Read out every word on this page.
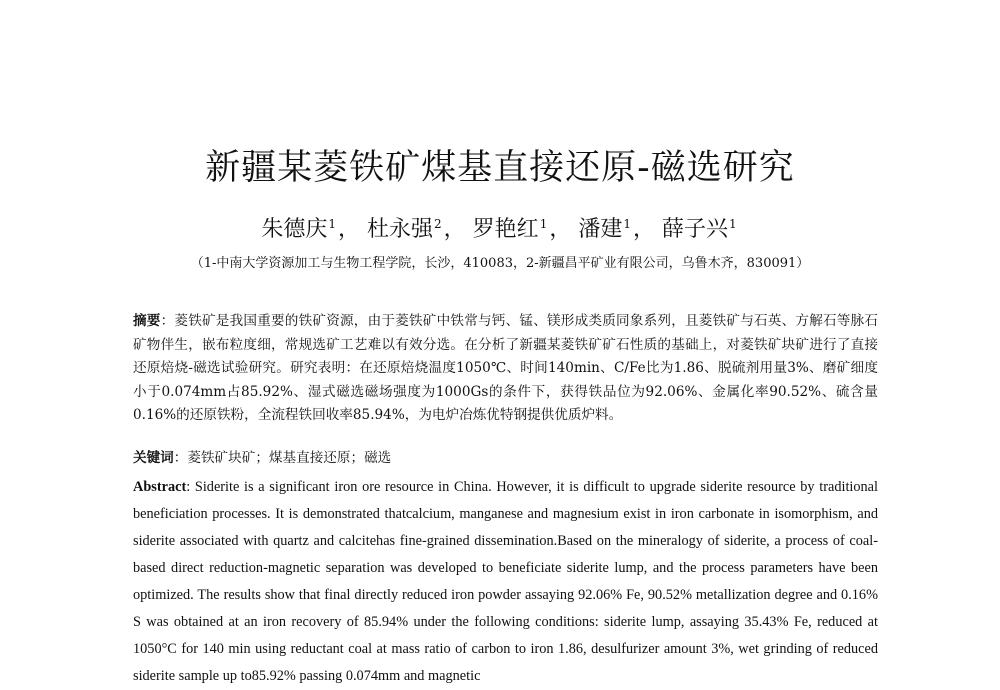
新疆某菱铁矿煤基直接还原-磁选研究
朱德庆$^1$， 杜永强$^2$， 罗艳红$^1$， 潘建$^1$， 薛子兴$^1$
（1-中南大学资源加工与生物工程学院，长沙，410083，2-新疆昌平矿业有限公司，乌鲁木齐，830091）

摘要：菱铁矿是我国重要的铁矿资源，由于菱铁矿中铁常与钙、锰、镁形成类质同象系列，且菱铁矿与石英、方解石等脉石矿物伴生，嵌布粒度细，常规选矿工艺难以有效分选。在分析了新疆某菱铁矿矿石性质的基础上，对菱铁矿块矿进行了直接还原焙烧-磁选试验研究。研究表明：在还原焙烧温度1050℃、时间140min、C/Fe比为1.86、脱硫剂用量3%、磨矿细度小于0.074mm占85.92%、湿式磁选磁场强度为1000Gs的条件下，获得铁品位为92.06%、金属化率90.52%、硫含量0.16%的还原铁粉，全流程铁回收率85.94%，为电炉冶炼优特钢提供优质炉料。

关键词：菱铁矿块矿；煤基直接还原；磁选

Abstract: Siderite is a significant iron ore resource in China. However, it is difficult to upgrade siderite resource by traditional beneficiation processes. It is demonstrated thatcalcium, manganese and magnesium exist in iron carbonate in isomorphism, and siderite associated with quartz and calcitehas fine-grained dissemination.Based on the mineralogy of siderite, a process of coal-based direct reduction-magnetic separation was developed to beneficiate siderite lump, and the process parameters have been optimized. The results show that final directly reduced iron powder assaying 92.06% Fe, 90.52% metallization degree and 0.16% S was obtained at an iron recovery of 85.94% under the following conditions: siderite lump, assaying 35.43% Fe, reduced at 1050°C for 140 min using reductant coal at mass ratio of carbon to iron 1.86, desulfurizer amount 3%, wet grinding of reduced siderite sample up to85.92% passing 0.074mm and magnetic
